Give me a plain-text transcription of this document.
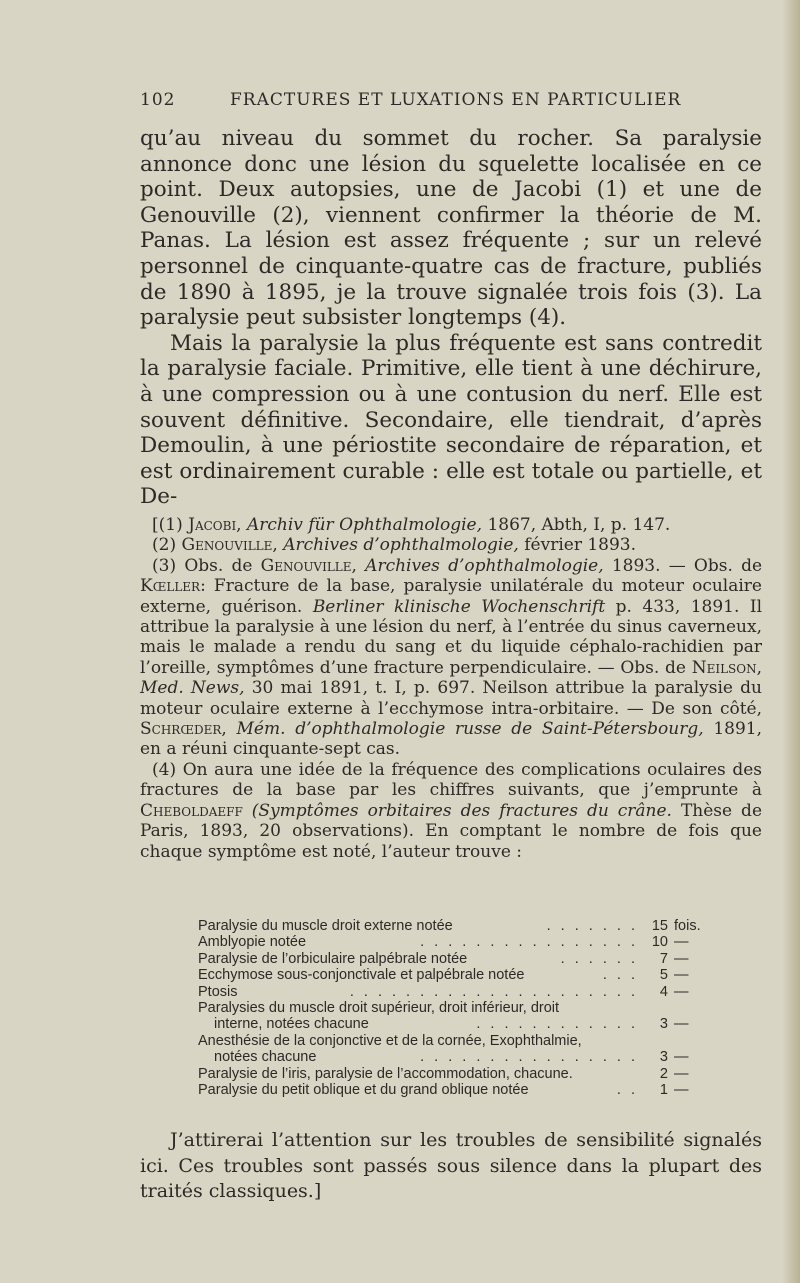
102	FRACTURES ET LUXATIONS EN PARTICULIER

qu’au niveau du sommet du rocher. Sa paralysie annonce donc une lésion du squelette localisée en ce point. Deux autopsies, une de Jacobi (1) et une de Genouville (2), viennent confirmer la théorie de M. Panas. La lésion est assez fréquente ; sur un relevé personnel de cinquante-quatre cas de fracture, publiés de 1890 à 1895, je la trouve signalée trois fois (3). La paralysie peut subsister longtemps (4).

Mais la paralysie la plus fréquente est sans contredit la paralysie faciale. Primitive, elle tient à une déchirure, à une compression ou à une contusion du nerf. Elle est souvent définitive. Secondaire, elle tiendrait, d’après Demoulin, à une périostite secondaire de réparation, et est ordinairement curable : elle est totale ou partielle, et De-

[(1) Jacobi, Archiv für Ophthalmologie, 1867, Abth, I, p. 147.

(2) Genouville, Archives d’ophthalmologie, février 1893.

(3) Obs. de Genouville, Archives d’ophthalmologie, 1893. — Obs. de Kœller: Fracture de la base, paralysie unilatérale du moteur oculaire externe, guérison. Berliner klinische Wochenschrift p. 433, 1891. Il attribue la paralysie à une lésion du nerf, à l’entrée du sinus caverneux, mais le malade a rendu du sang et du liquide céphalo-rachidien par l’oreille, symptômes d’une fracture perpendiculaire. — Obs. de Neilson, Med. News, 30 mai 1891, t. I, p. 697. Neilson attribue la paralysie du moteur oculaire externe à l’ecchymose intra-orbitaire. — De son côté, Schrœder, Mém. d’ophthalmologie russe de Saint-Pétersbourg, 1891, en a réuni cinquante-sept cas.

(4) On aura une idée de la fréquence des complications oculaires des fractures de la base par les chiffres suivants, que j’emprunte à Cheboldaeff (Symptômes orbitaires des fractures du crâne. Thèse de Paris, 1893, 20 observations). En comptant le nombre de fois que chaque symptôme est noté, l’auteur trouve :

Paralysie du muscle droit externe notée	. . . . . . . 15 fois.
Amblyopie notée	. . . . . . . . . . . . . . . . 10 —
Paralysie de l’orbiculaire palpébrale notée	. . . . . .	7 —
Ecchymose sous-conjonctivale et palpébrale notée	. . .	5 —
Ptosis	. . . . . . . . . . . . . . . . . . . . .	4 —
Paralysies du muscle droit supérieur, droit inférieur, droit
interne, notées chacune	. . . . . . . . . . . .	3 —
Anesthésie de la conjonctive et de la cornée, Exophthalmie,
notées chacune	. . . . . . . . . . . . . . . .	3 —
Paralysie de l’iris, paralysie de l’accommodation, chacune.	2 —
Paralysie du petit oblique et du grand oblique notée	. .	1 —

J’attirerai l’attention sur les troubles de sensibilité signalés ici. Ces troubles sont passés sous silence dans la plupart des traités classiques.]
